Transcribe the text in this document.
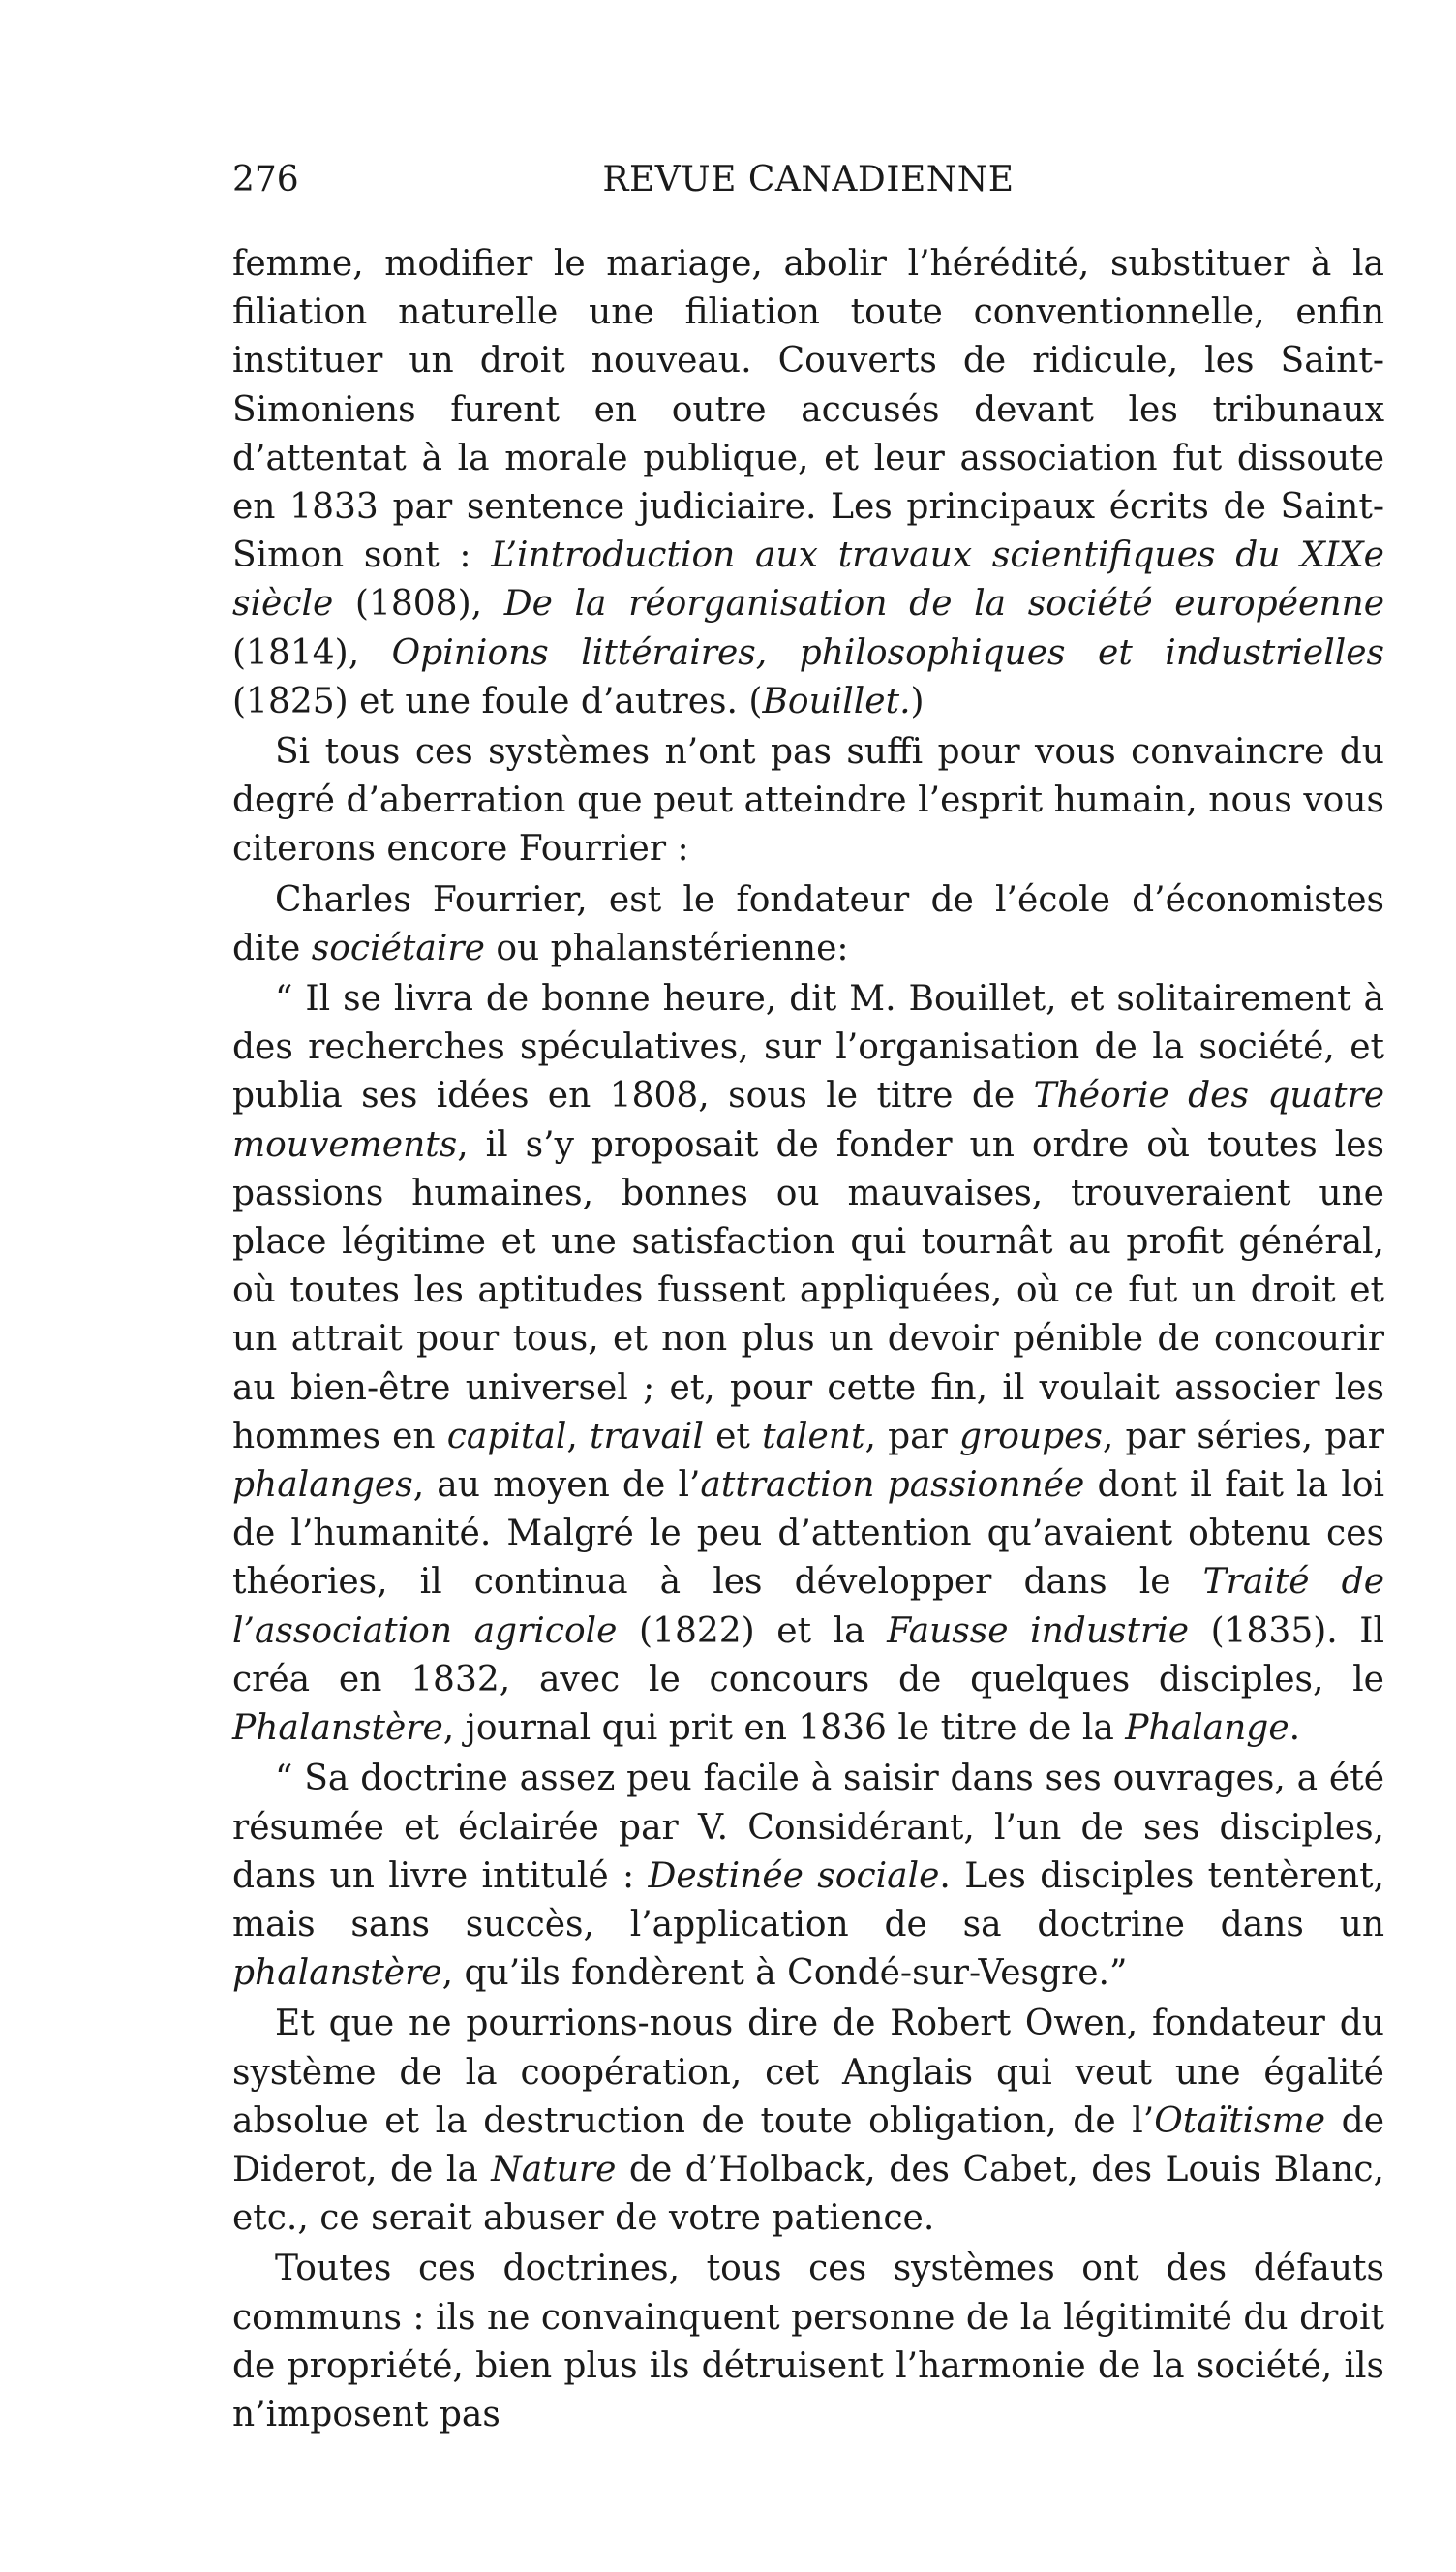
276	REVUE CANADIENNE

femme, modifier le mariage, abolir l’hérédité, substituer à la filiation naturelle une filiation toute conventionnelle, enfin instituer un droit nouveau. Couverts de ridicule, les Saint-Simoniens furent en outre accusés devant les tribunaux d’attentat à la morale publique, et leur association fut dissoute en 1833 par sentence judiciaire. Les principaux écrits de Saint-Simon sont : L’introduction aux travaux scientifiques du XIXe siècle (1808), De la réorganisation de la société européenne (1814), Opinions littéraires, philosophiques et industrielles (1825) et une foule d’autres. (Bouillet.)

Si tous ces systèmes n’ont pas suffi pour vous convaincre du degré d’aberration que peut atteindre l’esprit humain, nous vous citerons encore Fourrier :

Charles Fourrier, est le fondateur de l’école d’économistes dite sociétaire ou phalanstérienne:

“ Il se livra de bonne heure, dit M. Bouillet, et solitairement à des recherches spéculatives, sur l’organisation de la société, et publia ses idées en 1808, sous le titre de Théorie des quatre mouvements, il s’y proposait de fonder un ordre où toutes les passions humaines, bonnes ou mauvaises, trouveraient une place légitime et une satisfaction qui tournât au profit général, où toutes les aptitudes fussent appliquées, où ce fut un droit et un attrait pour tous, et non plus un devoir pénible de concourir au bien-être universel ; et, pour cette fin, il voulait associer les hommes en capital, travail et talent, par groupes, par séries, par phalanges, au moyen de l’attraction passionnée dont il fait la loi de l’humanité. Malgré le peu d’attention qu’avaient obtenu ces théories, il continua à les développer dans le Traité de l’association agricole (1822) et la Fausse industrie (1835). Il créa en 1832, avec le concours de quelques disciples, le Phalanstère, journal qui prit en 1836 le titre de la Phalange.

“ Sa doctrine assez peu facile à saisir dans ses ouvrages, a été résumée et éclairée par V. Considérant, l’un de ses disciples, dans un livre intitulé : Destinée sociale. Les disciples tentèrent, mais sans succès, l’application de sa doctrine dans un phalanstère, qu’ils fondèrent à Condé-sur-Vesgre.”

Et que ne pourrions-nous dire de Robert Owen, fondateur du système de la coopération, cet Anglais qui veut une égalité absolue et la destruction de toute obligation, de l’Otaïtisme de Diderot, de la Nature de d’Holback, des Cabet, des Louis Blanc, etc., ce serait abuser de votre patience.

Toutes ces doctrines, tous ces systèmes ont des défauts communs : ils ne convainquent personne de la légitimité du droit de propriété, bien plus ils détruisent l’harmonie de la société, ils n’imposent pas
